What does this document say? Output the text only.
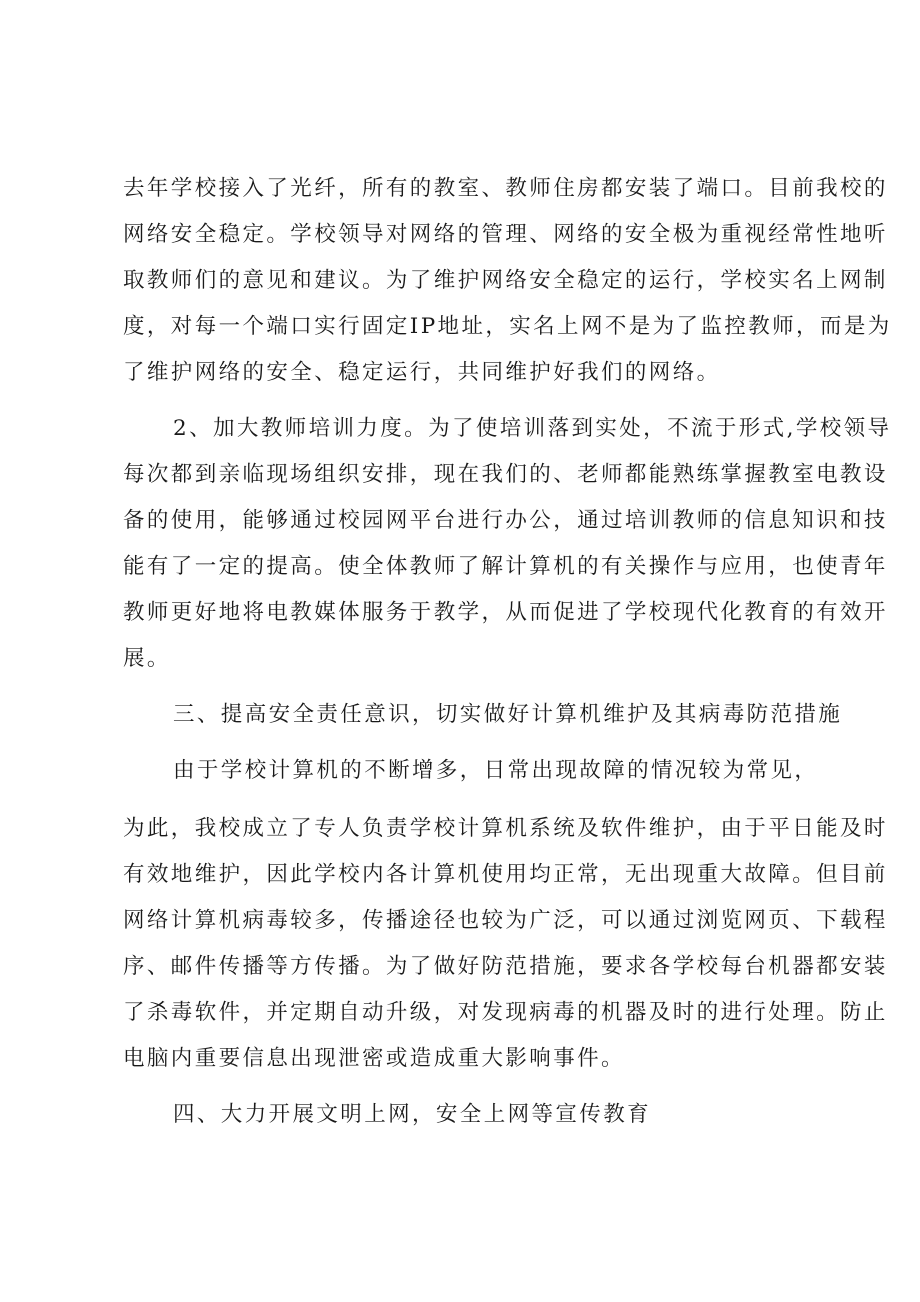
去年学校接入了光纤，所有的教室、教师住房都安装了端口。目前我校的
网络安全稳定。学校领导对网络的管理、网络的安全极为重视经常性地听
取教师们的意见和建议。为了维护网络安全稳定的运行，学校实名上网制
度，对每一个端口实行固定IP地址，实名上网不是为了监控教师，而是为
了维护网络的安全、稳定运行，共同维护好我们的网络。
2、加大教师培训力度。为了使培训落到实处，不流于形式,学校领导
每次都到亲临现场组织安排，现在我们的、老师都能熟练掌握教室电教设
备的使用，能够通过校园网平台进行办公，通过培训教师的信息知识和技
能有了一定的提高。使全体教师了解计算机的有关操作与应用，也使青年
教师更好地将电教媒体服务于教学，从而促进了学校现代化教育的有效开
展。
三、提高安全责任意识，切实做好计算机维护及其病毒防范措施
由于学校计算机的不断增多，日常出现故障的情况较为常见，
为此，我校成立了专人负责学校计算机系统及软件维护，由于平日能及时
有效地维护，因此学校内各计算机使用均正常，无出现重大故障。但目前
网络计算机病毒较多，传播途径也较为广泛，可以通过浏览网页、下载程
序、邮件传播等方传播。为了做好防范措施，要求各学校每台机器都安装
了杀毒软件，并定期自动升级，对发现病毒的机器及时的进行处理。防止
电脑内重要信息出现泄密或造成重大影响事件。
四、大力开展文明上网，安全上网等宣传教育
